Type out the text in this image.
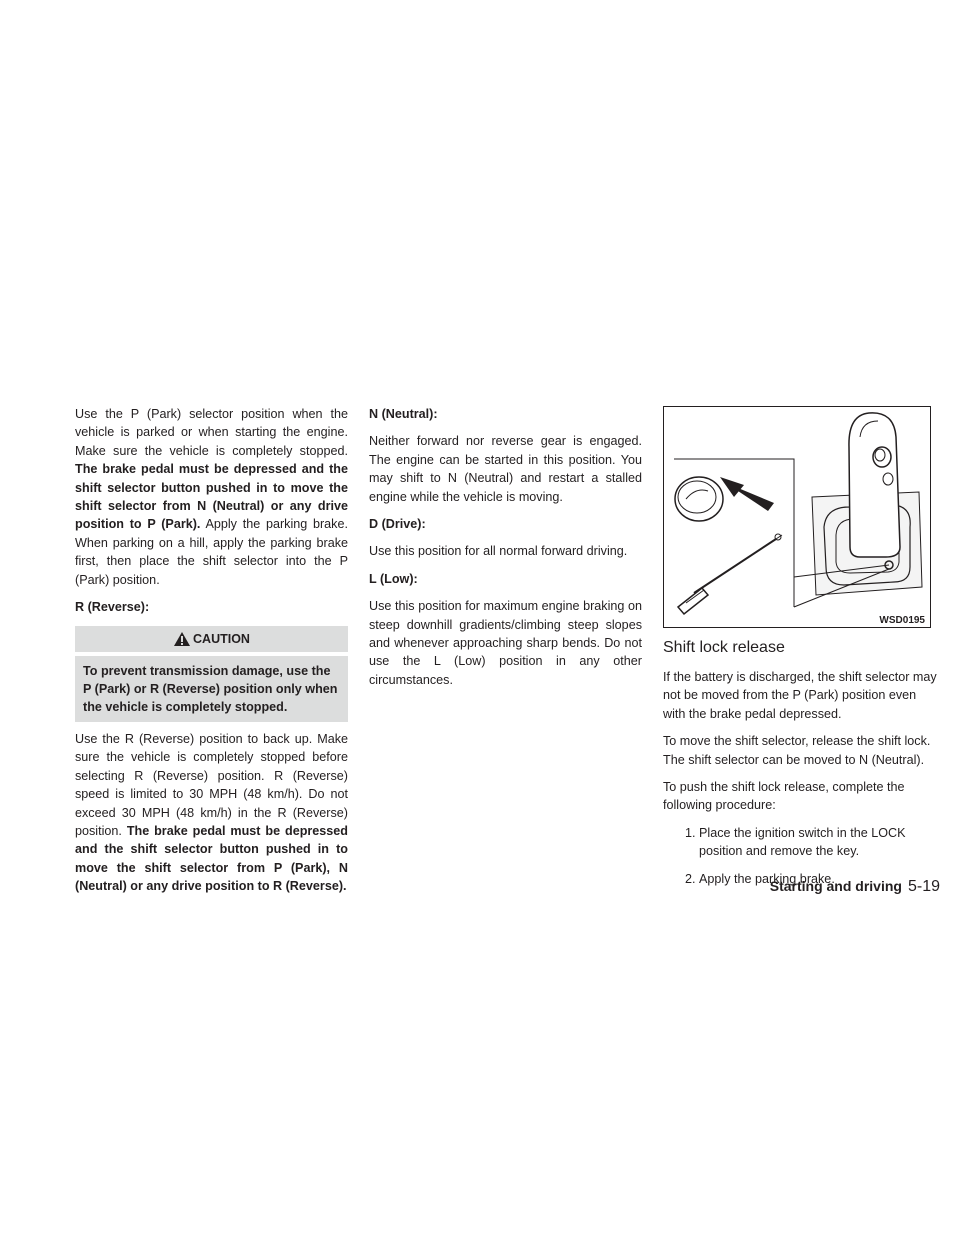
Use the P (Park) selector position when the vehicle is parked or when starting the engine. Make sure the vehicle is completely stopped. The brake pedal must be depressed and the shift selector button pushed in to move the shift selector from N (Neutral) or any drive position to P (Park). Apply the parking brake. When parking on a hill, apply the parking brake first, then place the shift selector into the P (Park) position.

R (Reverse):
CAUTION
To prevent transmission damage, use the P (Park) or R (Reverse) position only when the vehicle is completely stopped.

Use the R (Reverse) position to back up. Make sure the vehicle is completely stopped before selecting R (Reverse) position. R (Reverse) speed is limited to 30 MPH (48 km/h). Do not exceed 30 MPH (48 km/h) in the R (Reverse) position. The brake pedal must be depressed and the shift selector button pushed in to move the shift selector from P (Park), N (Neutral) or any drive position to R (Reverse).

N (Neutral):

Neither forward nor reverse gear is engaged. The engine can be started in this position. You may shift to N (Neutral) and restart a stalled engine while the vehicle is moving.

D (Drive):

Use this position for all normal forward driving.

L (Low):

Use this position for maximum engine braking on steep downhill gradients/climbing steep slopes and whenever approaching sharp bends. Do not use the L (Low) position in any other circumstances.

WSD0195
Shift lock release

If the battery is discharged, the shift selector may not be moved from the P (Park) position even with the brake pedal depressed.

To move the shift selector, release the shift lock. The shift selector can be moved to N (Neutral).

To push the shift lock release, complete the following procedure:

1. Place the ignition switch in the LOCK position and remove the key.
2. Apply the parking brake.
Starting and driving 5-19
